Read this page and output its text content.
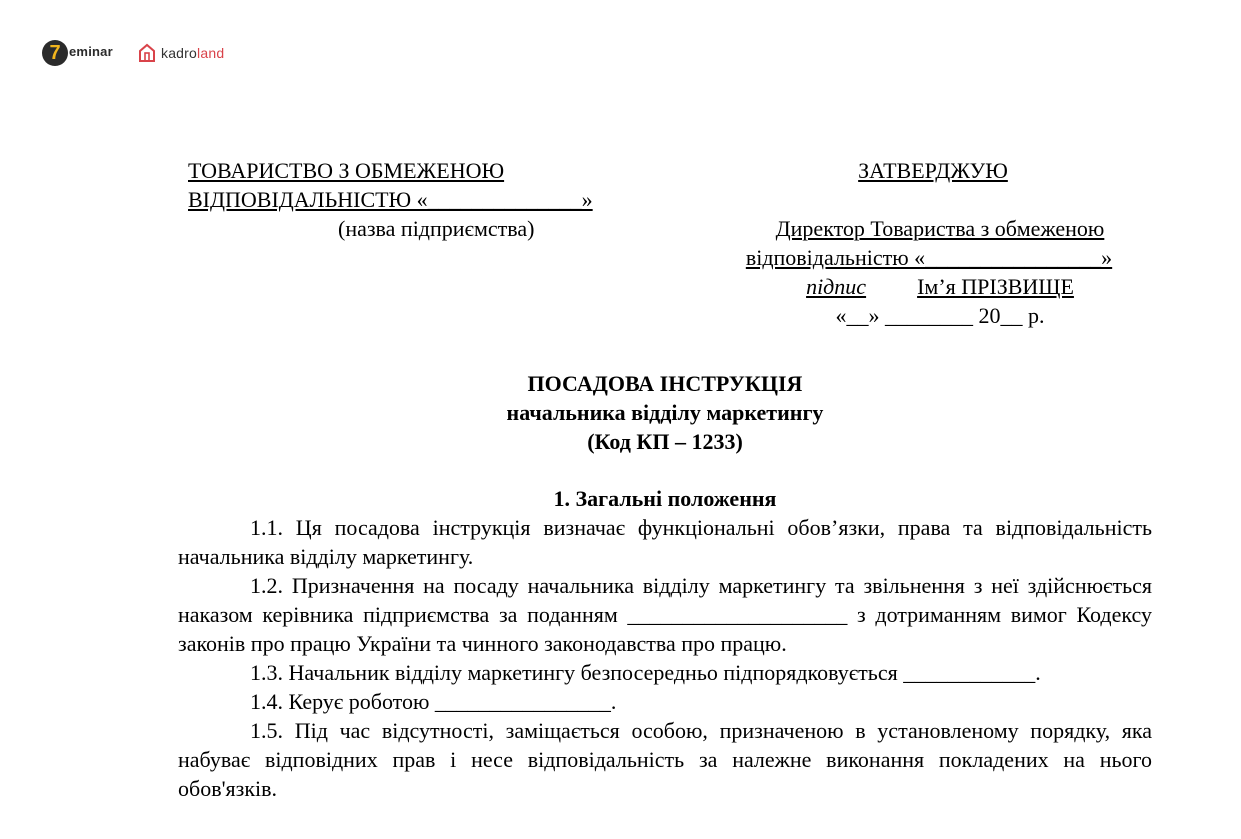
7 eminar	kadroland
ТОВАРИСТВО З ОБМЕЖЕНОЮ
ВІДПОВІДАЛЬНІСТЮ «______________»
(назва підприємства)
ЗАТВЕРДЖУЮ
Директор Товариства з обмеженою
відповідальністю «________________»
підпис Ім’я ПРІЗВИЩЕ
«__» ________ 20__ р.
ПОСАДОВА ІНСТРУКЦІЯ
начальника відділу маркетингу
(Код КП – 1233)
1. Загальні положення

1.1. Ця посадова інструкція визначає функціональні обов’язки, права та відповідальність начальника відділу маркетингу.

1.2. Призначення на посаду начальника відділу маркетингу та звільнення з неї здійснюється наказом керівника підприємства за поданням ____________________ з дотриманням вимог Кодексу законів про працю України та чинного законодавства про працю.

1.3. Начальник відділу маркетингу безпосередньо підпорядковується ____________.

1.4. Керує роботою ________________.

1.5. Під час відсутності, заміщається особою, призначеною в установленому порядку, яка набуває відповідних прав і несе відповідальність за належне виконання покладених на нього обов'язків.
